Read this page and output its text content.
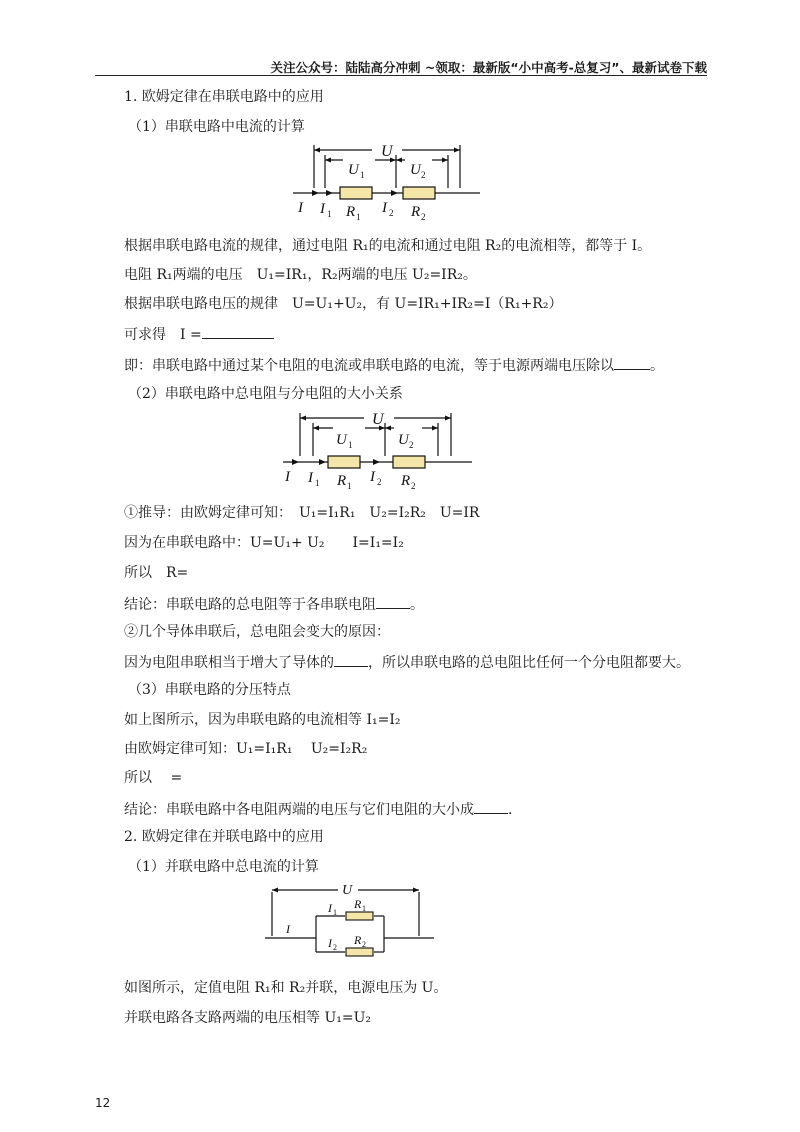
关注公众号：陆陆高分冲刺 ~领取：最新版“小中高考-总复习”、最新试卷下载
1. 欧姆定律在串联电路中的应用
（1）串联电路中电流的计算
U
U 1	U 2
I I 1 R 1
I 2 R 2
根据串联电路电流的规律，通过电阻 R₁的电流和通过电阻 R₂的电流相等，都等于 I。
电阻 R₁两端的电压　U₁=IR₁，R₂两端的电压 U₂=IR₂。
根据串联电路电压的规律　U=U₁+U₂，有 U=IR₁+IR₂=I（R₁+R₂）
可求得　I =
即：串联电路中通过某个电阻的电流或串联电路的电流，等于电源两端电压除以	。
（2）串联电路中总电阻与分电阻的大小关系
U
U 1	U 2
I I 1 R 1
I 2 R 2
①推导：由欧姆定律可知：　U₁=I₁R₁　U₂=I₂R₂　U=IR
因为在串联电路中：U=U₁+ U₂　　I=I₁=I₂
所以　R=
结论：串联电路的总电阻等于各串联电阻 。
②几个导体串联后，总电阻会变大的原因：
因为电阻串联相当于增大了导体的 ，所以串联电路的总电阻比任何一个分电阻都要大。
（3）串联电路的分压特点
如上图所示，因为串联电路的电流相等 I₁=I₂
由欧姆定律可知：U₁=I₁R₁　 U₂=I₂R₂
所以　 =
结论：串联电路中各电阻两端的电压与它们电阻的大小成 .
2. 欧姆定律在并联电路中的应用
（1）并联电路中总电流的计算
U
I 1
R 1
I
I 2
R 2
如图所示，定值电阻 R₁和 R₂并联，电源电压为 U。
并联电路各支路两端的电压相等 U₁=U₂
12
